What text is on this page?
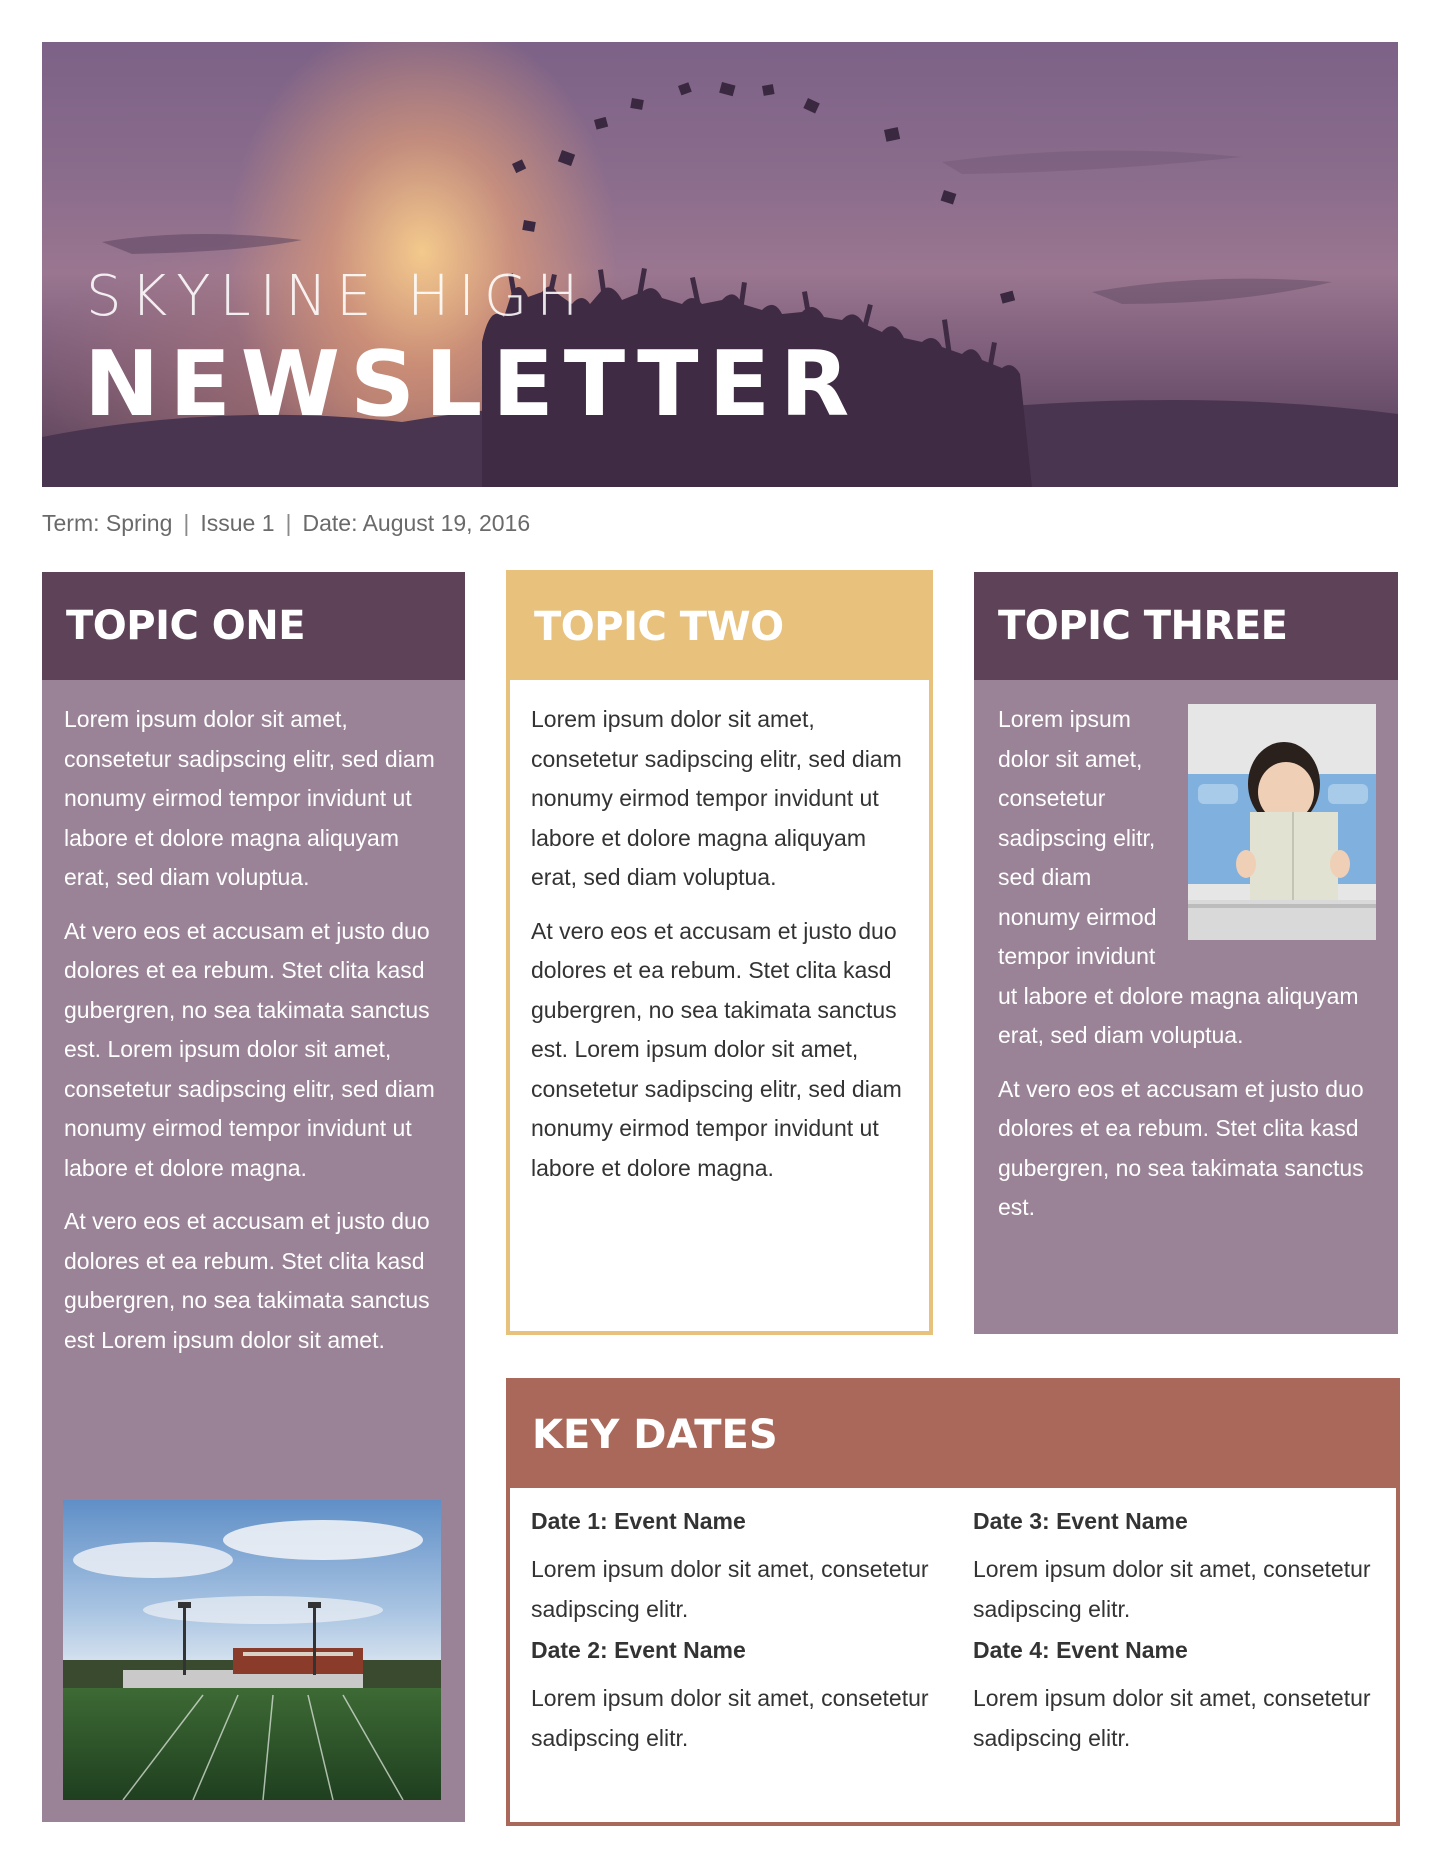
SKYLINE HIGH
NEWSLETTER
Term: Spring | Issue 1 | Date: August 19, 2016
TOPIC ONE

Lorem ipsum dolor sit amet, consetetur sadipscing elitr, sed diam nonumy eirmod tempor invidunt ut labore et dolore magna aliquyam erat, sed diam voluptua.

At vero eos et accusam et justo duo dolores et ea rebum. Stet clita kasd gubergren, no sea takimata sanctus est. Lorem ipsum dolor sit amet, consetetur sadipscing elitr, sed diam nonumy eirmod tempor invidunt ut labore et dolore magna.

At vero eos et accusam et justo duo dolores et ea rebum. Stet clita kasd gubergren, no sea takimata sanctus est Lorem ipsum dolor sit amet.

TOPIC TWO

Lorem ipsum dolor sit amet, consetetur sadipscing elitr, sed diam nonumy eirmod tempor invidunt ut labore et dolore magna aliquyam erat, sed diam voluptua.

At vero eos et accusam et justo duo dolores et ea rebum. Stet clita kasd gubergren, no sea takimata sanctus est. Lorem ipsum dolor sit amet, consetetur sadipscing elitr, sed diam nonumy eirmod tempor invidunt ut labore et dolore magna.

TOPIC THREE

Lorem ipsum dolor sit amet, consetetur sadipscing elitr, sed diam nonumy eirmod tempor invidunt ut labore et dolore magna aliquyam erat, sed diam voluptua.

At vero eos et accusam et justo duo dolores et ea rebum. Stet clita kasd gubergren, no sea takimata sanctus est.

KEY DATES
Date 1: Event Name
Lorem ipsum dolor sit amet, consetetur sadipscing elitr.
Date 3: Event Name
Lorem ipsum dolor sit amet, consetetur sadipscing elitr.
Date 2: Event Name
Lorem ipsum dolor sit amet, consetetur sadipscing elitr.
Date 4: Event Name
Lorem ipsum dolor sit amet, consetetur sadipscing elitr.
